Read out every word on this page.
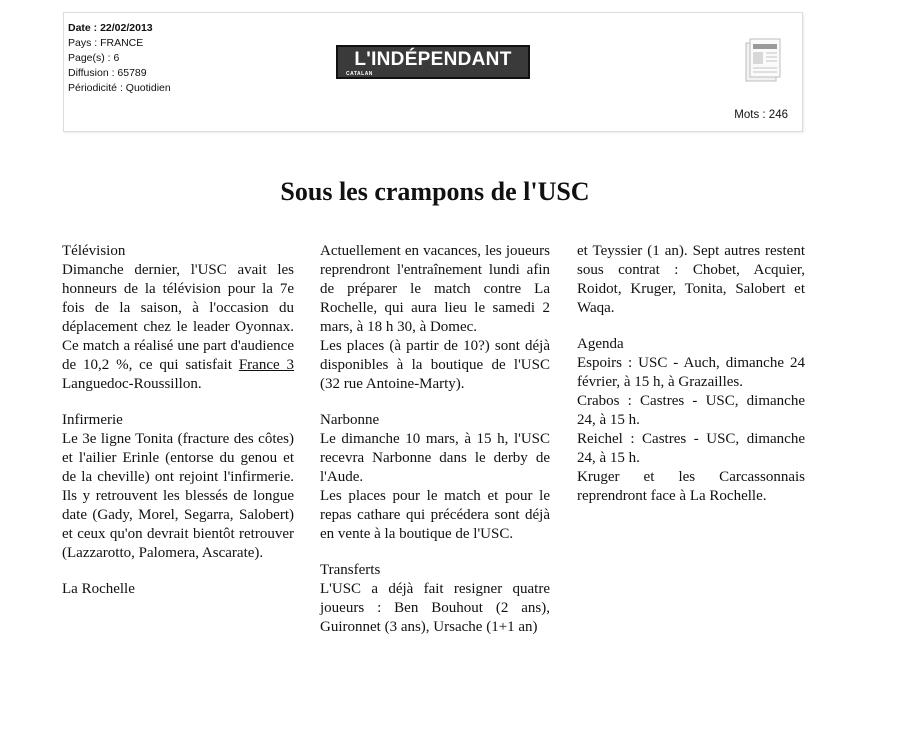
Date : 22/02/2013
Pays : FRANCE
Page(s) : 6
Diffusion : 65789
Périodicité : Quotidien
L'INDÉPENDANT
CATALAN
Mots : 246
Sous les crampons de l'USC

Télévision

Dimanche dernier, l'USC avait les honneurs de la télévision pour la 7e fois de la saison, à l'occasion du déplacement chez le leader Oyonnax. Ce match a réalisé une part d'audience de 10,2 %, ce qui satisfait France 3

Languedoc-Roussillon.

Infirmerie

Le 3e ligne Tonita (fracture des côtes) et l'ailier Erinle (entorse du genou et de la cheville) ont rejoint l'infirmerie. Ils y retrouvent les blessés de longue date (Gady, Morel, Segarra, Salobert) et ceux qu'on devrait bientôt retrouver (Lazzarotto, Palomera, Ascarate).

La Rochelle

Actuellement en vacances, les joueurs reprendront l'entraînement lundi afin de préparer le match contre La Rochelle, qui aura lieu le samedi 2 mars, à 18 h 30, à Domec.

Les places (à partir de 10?) sont déjà disponibles à la boutique de l'USC (32 rue Antoine-Marty).

Narbonne

Le dimanche 10 mars, à 15 h, l'USC recevra Narbonne dans le derby de l'Aude.

Les places pour le match et pour le repas cathare qui précédera sont déjà en vente à la boutique de l'USC.

Transferts

L'USC a déjà fait resigner quatre joueurs : Ben Bouhout (2 ans), Guironnet (3 ans), Ursache (1+1 an)

et Teyssier (1 an). Sept autres restent sous contrat : Chobet, Acquier, Roidot, Kruger, Tonita, Salobert et Waqa.

Agenda

Espoirs : USC - Auch, dimanche 24 février, à 15 h, à Grazailles.

Crabos : Castres - USC, dimanche 24, à 15 h.

Reichel : Castres - USC, dimanche 24, à 15 h.

Kruger et les Carcassonnais reprendront face à La Rochelle.
